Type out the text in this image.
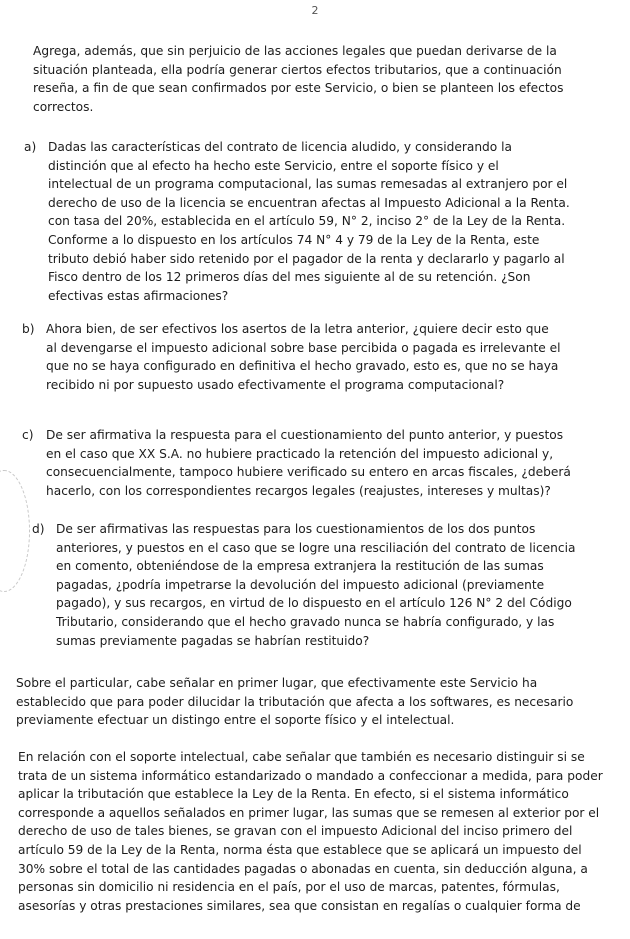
2
Agrega, además, que sin perjuicio de las acciones legales que puedan derivarse de la
situación planteada, ella podría generar ciertos efectos tributarios, que a continuación
reseña, a fin de que sean confirmados por este Servicio, o bien se planteen los efectos
correctos.
a) Dadas las características del contrato de licencia aludido, y considerando la
distinción que al efecto ha hecho este Servicio, entre el soporte físico y el
intelectual de un programa computacional, las sumas remesadas al extranjero por el
derecho de uso de la licencia se encuentran afectas al Impuesto Adicional a la Renta.
con tasa del 20%, establecida en el artículo 59, N° 2, inciso 2° de la Ley de la Renta.
Conforme a lo dispuesto en los artículos 74 N° 4 y 79 de la Ley de la Renta, este
tributo debió haber sido retenido por el pagador de la renta y declararlo y pagarlo al
Fisco dentro de los 12 primeros días del mes siguiente al de su retención. ¿Son
efectivas estas afirmaciones?
b) Ahora bien, de ser efectivos los asertos de la letra anterior, ¿quiere decir esto que
al devengarse el impuesto adicional sobre base percibida o pagada es irrelevante el
que no se haya configurado en definitiva el hecho gravado, esto es, que no se haya
recibido ni por supuesto usado efectivamente el programa computacional?
c) De ser afirmativa la respuesta para el cuestionamiento del punto anterior, y puestos
en el caso que XX S.A. no hubiere practicado la retención del impuesto adicional y,
consecuencialmente, tampoco hubiere verificado su entero en arcas fiscales, ¿deberá
hacerlo, con los correspondientes recargos legales (reajustes, intereses y multas)?
d) De ser afirmativas las respuestas para los cuestionamientos de los dos puntos
anteriores, y puestos en el caso que se logre una resciliación del contrato de licencia
en comento, obteniéndose de la empresa extranjera la restitución de las sumas
pagadas, ¿podría impetrarse la devolución del impuesto adicional (previamente
pagado), y sus recargos, en virtud de lo dispuesto en el artículo 126 N° 2 del Código
Tributario, considerando que el hecho gravado nunca se habría configurado, y las
sumas previamente pagadas se habrían restituido?
Sobre el particular, cabe señalar en primer lugar, que efectivamente este Servicio ha
establecido que para poder dilucidar la tributación que afecta a los softwares, es necesario
previamente efectuar un distingo entre el soporte físico y el intelectual.
En relación con el soporte intelectual, cabe señalar que también es necesario distinguir si se
trata de un sistema informático estandarizado o mandado a confeccionar a medida, para poder
aplicar la tributación que establece la Ley de la Renta. En efecto, si el sistema informático
corresponde a aquellos señalados en primer lugar, las sumas que se remesen al exterior por el
derecho de uso de tales bienes, se gravan con el impuesto Adicional del inciso primero del
artículo 59 de la Ley de la Renta, norma ésta que establece que se aplicará un impuesto del
30% sobre el total de las cantidades pagadas o abonadas en cuenta, sin deducción alguna, a
personas sin domicilio ni residencia en el país, por el uso de marcas, patentes, fórmulas,
asesorías y otras prestaciones similares, sea que consistan en regalías o cualquier forma de
